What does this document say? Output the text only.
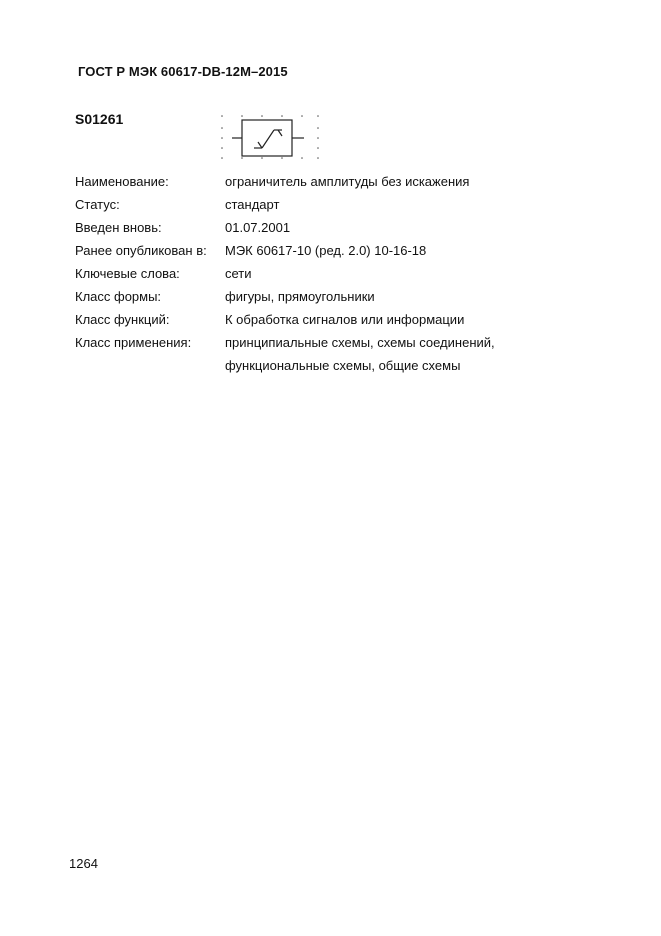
ГОСТ Р МЭК 60617-DB-12M–2015
S01261
Наименование:	ограничитель амплитуды без искажения
Статус:	стандарт
Введен вновь:	01.07.2001
Ранее опубликован в:	МЭК 60617-10 (ред. 2.0) 10-16-18
Ключевые слова:	сети
Класс формы:	фигуры, прямоугольники
Класс функций:	К обработка сигналов или информации
Класс применения:	принципиальные схемы, схемы соединений,
функциональные схемы, общие схемы
1264
